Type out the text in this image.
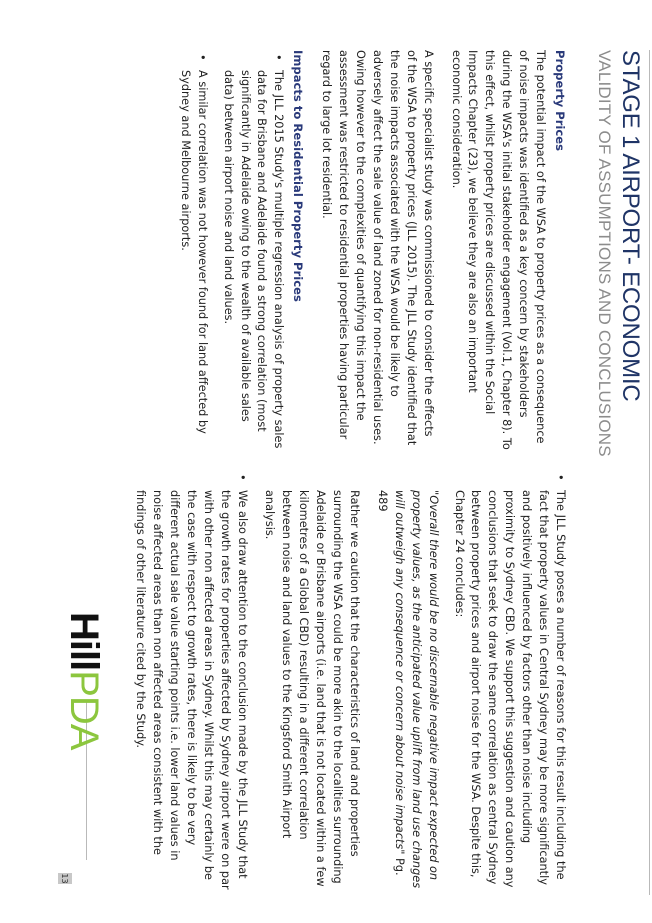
STAGE 1 AIRPORT- ECONOMIC
VALIDITY OF ASSUMPTIONS AND CONCLUSIONS
Property Prices

The potential impact of the WSA to property prices as a consequence of noise impacts was identified as a key concern by stakeholders during the WSA's initial stakeholder engagement (Vol.1, Chapter 8). To this effect, whilst property prices are discussed within the Social Impacts Chapter (23), we believe they are also an important economic consideration.

A specific specialist study was commissioned to consider the effects of the WSA to property prices (JLL 2015). The JLL Study identified that the noise impacts associated with the WSA would be likely to adversely affect the sale value of land zoned for non-residential uses. Owing however to the complexities of quantifying this impact the assessment was restricted to residential properties having particular regard to large lot residential.

Impacts to Residential Property Prices
•
The JLL 2015 Study's multiple regression analysis of property sales data for Brisbane and Adelaide found a strong correlation (most significantly in Adelaide owing to the wealth of available sales data) between airport noise and land values.
•
A similar correlation was not however found for land affected by Sydney and Melbourne airports.
•
The JLL Study poses a number of reasons for this result including the fact that property values in Central Sydney may be more significantly and positively influenced by factors other than noise including proximity to Sydney CBD. We support this suggestion and caution any conclusions that seek to draw the same correlation as central Sydney between property prices and airport noise for the WSA. Despite this, Chapter 24 concludes:

"Overall there would be no discernable negative impact expected on property values, as the anticipated value uplift from land use changes will outweigh any consequence or concern about noise impacts" Pg. 489

Rather we caution that the characteristics of land and properties surrounding the WSA could be more akin to the localities surrounding Adelaide or Brisbane airports (i.e. land that is not located within a few kilometres of a Global CBD) resulting in a different correlation between noise and land values to the Kingsford Smith Airport analysis.

•
We also draw attention to the conclusion made by the JLL Study that the growth rates for properties affected by Sydney airport were on par with other non affected areas in Sydney. Whilst this may certainly be the case with respect to growth rates, there is likely to be very different actual sale value starting points i.e. lower land values in noise affected areas than non affected areas consistent with the findings of other literature cited by the Study.
HillPDA
13
